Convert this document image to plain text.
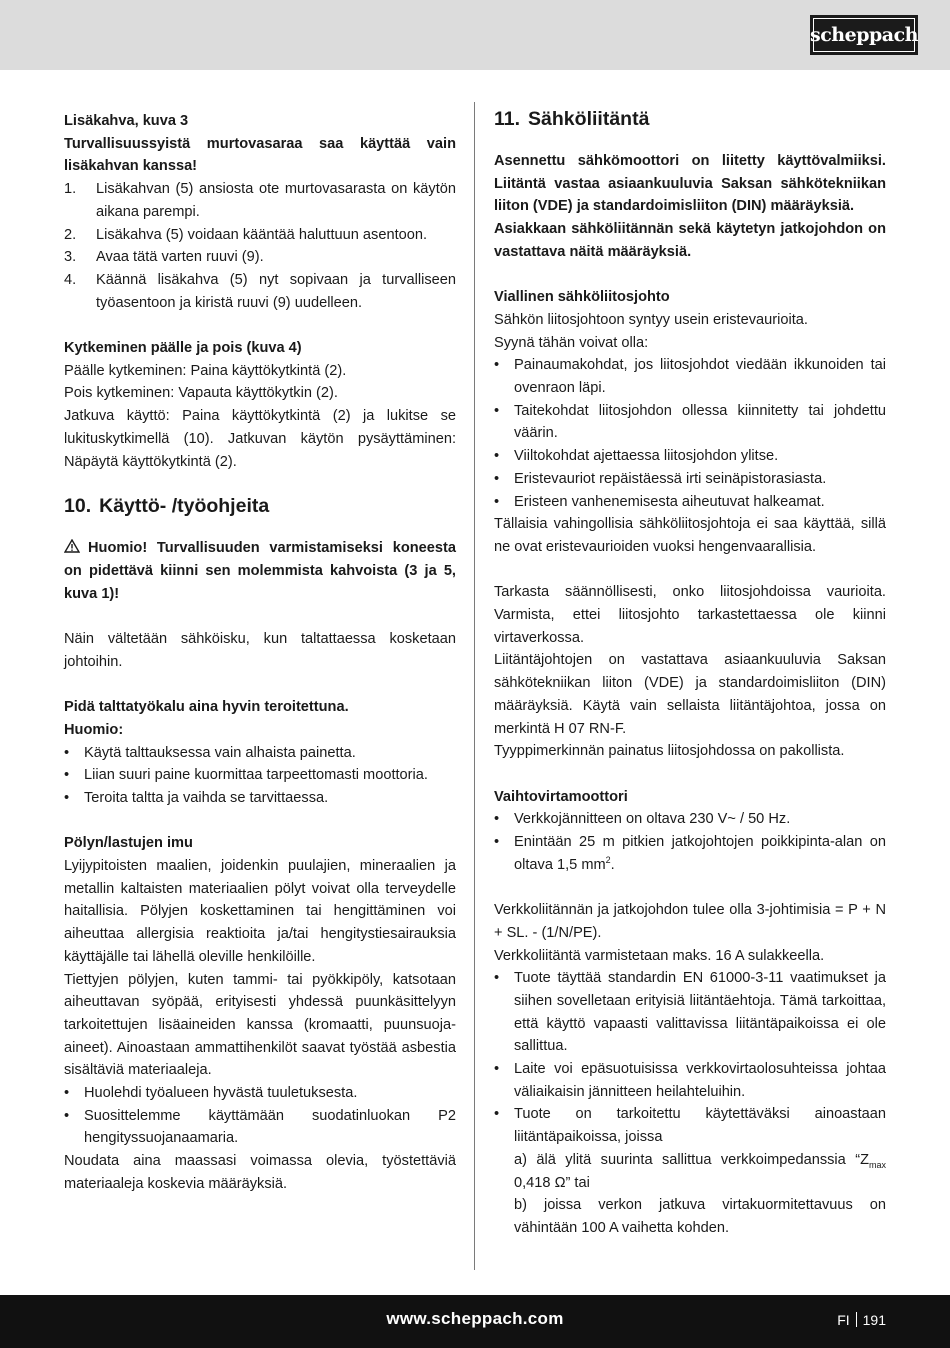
scheppach
Lisäkahva, kuva 3
Turvallisuussyistä murtovasaraa saa käyttää vain lisäkahvan kanssa!
1. Lisäkahvan (5) ansiosta ote murtovasarasta on käytön aikana parempi.
2. Lisäkahva (5) voidaan kääntää haluttuun asentoon.
3. Avaa tätä varten ruuvi (9).
4. Käännä lisäkahva (5) nyt sopivaan ja turvalliseen työasentoon ja kiristä ruuvi (9) uudelleen.
Kytkeminen päälle ja pois (kuva 4)
Päälle kytkeminen: Paina käyttökytkintä (2).
Pois kytkeminen: Vapauta käyttökytkin (2).
Jatkuva käyttö: Paina käyttökytkintä (2) ja lukitse se lukituskytkimellä (10). Jatkuvan käytön pysäyttäminen: Näpäytä käyttökytkintä (2).
10. Käyttö- /työohjeita
Huomio! Turvallisuuden varmistamiseksi koneesta on pidettävä kiinni sen molemmista kahvoista (3 ja 5, kuva 1)!
Näin vältetään sähköisku, kun taltattaessa kosketaan johtoihin.
Pidä talttatyökalu aina hyvin teroitettuna.
Huomio:
• Käytä talttauksessa vain alhaista painetta.
• Liian suuri paine kuormittaa tarpeettomasti moottoria.
• Teroita taltta ja vaihda se tarvittaessa.
Pölyn/lastujen imu
Lyijypitoisten maalien, joidenkin puulajien, mineraalien ja metallin kaltaisten materiaalien pölyt voivat olla terveydelle haitallisia. Pölyjen koskettaminen tai hengittäminen voi aiheuttaa allergisia reaktioita ja/tai hengitystiesairauksia käyttäjälle tai lähellä oleville henkilöille.
Tiettyjen pölyjen, kuten tammi- tai pyökkipöly, katsotaan aiheuttavan syöpää, erityisesti yhdessä puunkäsittelyyn tarkoitettujen lisäaineiden kanssa (kromaatti, puunsuoja-aineet). Ainoastaan ammattihenkilöt saavat työstää asbestia sisältäviä materiaaleja.
• Huolehdi työalueen hyvästä tuuletuksesta.
• Suosittelemme käyttämään suodatinluokan P2 hengityssuojanaamaria.
Noudata aina maassasi voimassa olevia, työstettäviä materiaaleja koskevia määräyksiä.
11. Sähköliitäntä
Asennettu sähkömoottori on liitetty käyttövalmiiksi. Liitäntä vastaa asiaankuuluvia Saksan sähkötekniikan liiton (VDE) ja standardoimisliiton (DIN) määräyksiä.
Asiakkaan sähköliitännän sekä käytetyn jatkojohdon on vastattava näitä määräyksiä.
Viallinen sähköliitosjohto
Sähkön liitosjohtoon syntyy usein eristevaurioita.
Syynä tähän voivat olla:
• Painaumakohdat, jos liitosjohdot viedään ikkunoiden tai ovenraon läpi.
• Taitekohdat liitosjohdon ollessa kiinnitetty tai johdettu väärin.
• Viiltokohdat ajettaessa liitosjohdon ylitse.
• Eristevauriot repäistäessä irti seinäpistorasiasta.
• Eristeen vanhenemisesta aiheutuvat halkeamat.
Tällaisia vahingollisia sähköliitosjohtoja ei saa käyttää, sillä ne ovat eristevaurioiden vuoksi hengenvaarallisia.
Tarkasta säännöllisesti, onko liitosjohdoissa vaurioita. Varmista, ettei liitosjohto tarkastettaessa ole kiinni virtaverkossa.
Liitäntäjohtojen on vastattava asiaankuuluvia Saksan sähkötekniikan liiton (VDE) ja standardoimisliiton (DIN) määräyksiä. Käytä vain sellaista liitäntäjohtoa, jossa on merkintä H 07 RN-F.
Tyyppimerkinnän painatus liitosjohdossa on pakollista.
Vaihtovirtamoottori
• Verkkojännitteen on oltava 230 V~ / 50 Hz.
• Enintään 25 m pitkien jatkojohtojen poikkipinta-alan on oltava 1,5 $mm^2$.
Verkkoliitännän ja jatkojohdon tulee olla 3-johtimisia = P + N + SL. - (1/N/PE).
Verkkoliitäntä varmistetaan maks. 16 A sulakkeella.
• Tuote täyttää standardin EN 61000-3-11 vaatimukset ja siihen sovelletaan erityisiä liitäntäehtoja. Tämä tarkoittaa, että käyttö vapaasti valittavissa liitäntäpaikoissa ei ole sallittua.
• Laite voi epäsuotuisissa verkkovirtaolosuhteissa johtaa väliaikaisin jännitteen heilahteluihin.
• Tuote on tarkoitettu käytettäväksi ainoastaan liitäntäpaikoissa, joissa
a) älä ylitä suurinta sallittua verkkoimpedanssia “$Z_{max}$ 0,418 Ω” tai
b) joissa verkon jatkuva virtakuormitettavuus on vähintään 100 A vaihetta kohden.
www.scheppach.com	FI 191
